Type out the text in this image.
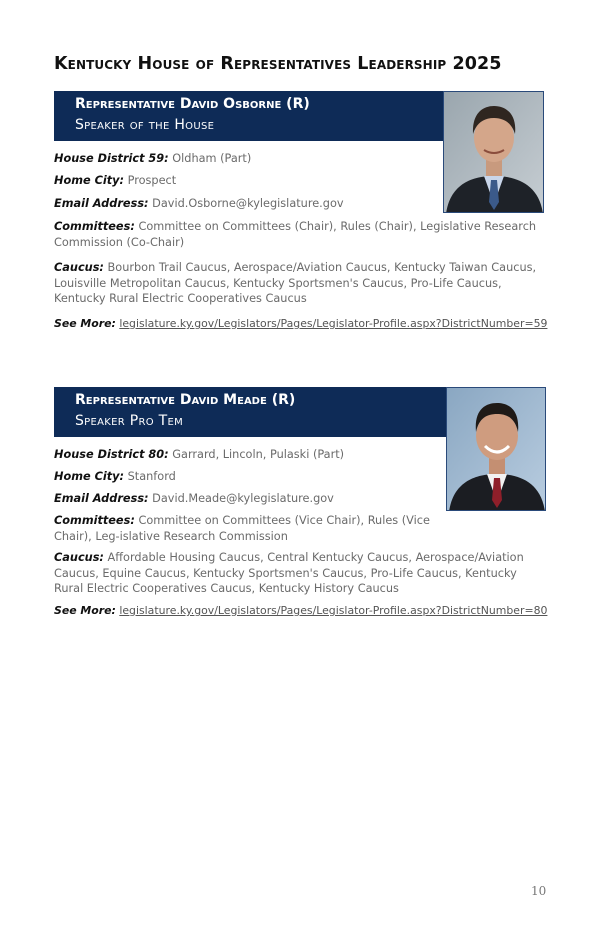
Kentucky House of Representatives Leadership 2025
Representative David Osborne (R)
Speaker of the House

House District 59: Oldham (Part)

Home City: Prospect

Email Address: David.Osborne@kylegislature.gov

Committees: Committee on Committees (Chair), Rules (Chair), Legislative Research Commission (Co-Chair)

Caucus: Bourbon Trail Caucus, Aerospace/Aviation Caucus, Kentucky Taiwan Caucus, Louisville Metropolitan Caucus, Kentucky Sportsmen's Caucus, Pro-Life Caucus, Kentucky Rural Electric Cooperatives Caucus

See More: legislature.ky.gov/Legislators/Pages/Legislator-Profile.aspx?DistrictNumber=59

Representative David Meade (R)
Speaker Pro Tem

House District 80: Garrard, Lincoln, Pulaski (Part)

Home City: Stanford

Email Address: David.Meade@kylegislature.gov

Committees: Committee on Committees (Vice Chair), Rules (Vice Chair), Leg-islative Research Commission

Caucus: Affordable Housing Caucus, Central Kentucky Caucus, Aerospace/Aviation Caucus, Equine Caucus, Kentucky Sportsmen's Caucus, Pro-Life Caucus, Kentucky Rural Electric Cooperatives Caucus, Kentucky History Caucus

See More: legislature.ky.gov/Legislators/Pages/Legislator-Profile.aspx?DistrictNumber=80

10
